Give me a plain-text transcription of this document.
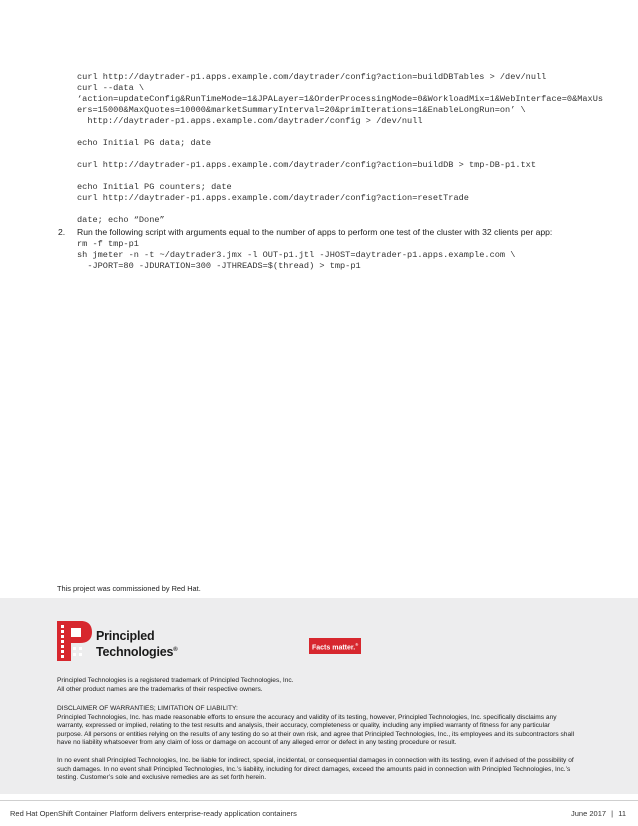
curl http://daytrader-p1.apps.example.com/daytrader/config?action=buildDBTables > /dev/null
curl --data \
‘action=updateConfig&RunTimeMode=1&JPALayer=1&OrderProcessingMode=0&WorkloadMix=1&WebInterface=0&MaxUs
ers=15000&MaxQuotes=10000&marketSummaryInterval=20&primIterations=1&EnableLongRun=on’ \
http://daytrader-p1.apps.example.com/daytrader/config > /dev/null

echo Initial PG data; date

curl http://daytrader-p1.apps.example.com/daytrader/config?action=buildDB > tmp-DB-p1.txt

echo Initial PG counters; date
curl http://daytrader-p1.apps.example.com/daytrader/config?action=resetTrade

date; echo “Done”
2. Run the following script with arguments equal to the number of apps to perform one test of the cluster with 32 clients per app:
rm -f tmp-p1
sh jmeter -n -t ~/daytrader3.jmx -l OUT-p1.jtl -JHOST=daytrader-p1.apps.example.com \
-JPORT=80 -JDURATION=300 -JTHREADS=$(thread) > tmp-p1
This project was commissioned by Red Hat.
Principled
Technologies®	Facts matter.®

Principled Technologies is a registered trademark of Principled Technologies, Inc.
All other product names are the trademarks of their respective owners.

DISCLAIMER OF WARRANTIES; LIMITATION OF LIABILITY:
Principled Technologies, Inc. has made reasonable efforts to ensure the accuracy and validity of its testing, however, Principled Technologies, Inc. specifically disclaims any warranty, expressed or implied, relating to the test results and analysis, their accuracy, completeness or quality, including any implied warranty of fitness for any particular purpose. All persons or entities relying on the results of any testing do so at their own risk, and agree that Principled Technologies, Inc., its employees and its subcontractors shall have no liability whatsoever from any claim of loss or damage on account of any alleged error or defect in any testing procedure or result.

In no event shall Principled Technologies, Inc. be liable for indirect, special, incidental, or consequential damages in connection with its testing, even if advised of the possibility of such damages. In no event shall Principled Technologies, Inc.’s liability, including for direct damages, exceed the amounts paid in connection with Principled Technologies, Inc.’s testing. Customer’s sole and exclusive remedies are as set forth herein.

Red Hat OpenShift Container Platform delivers enterprise-ready application containers	June 2017 | 11
